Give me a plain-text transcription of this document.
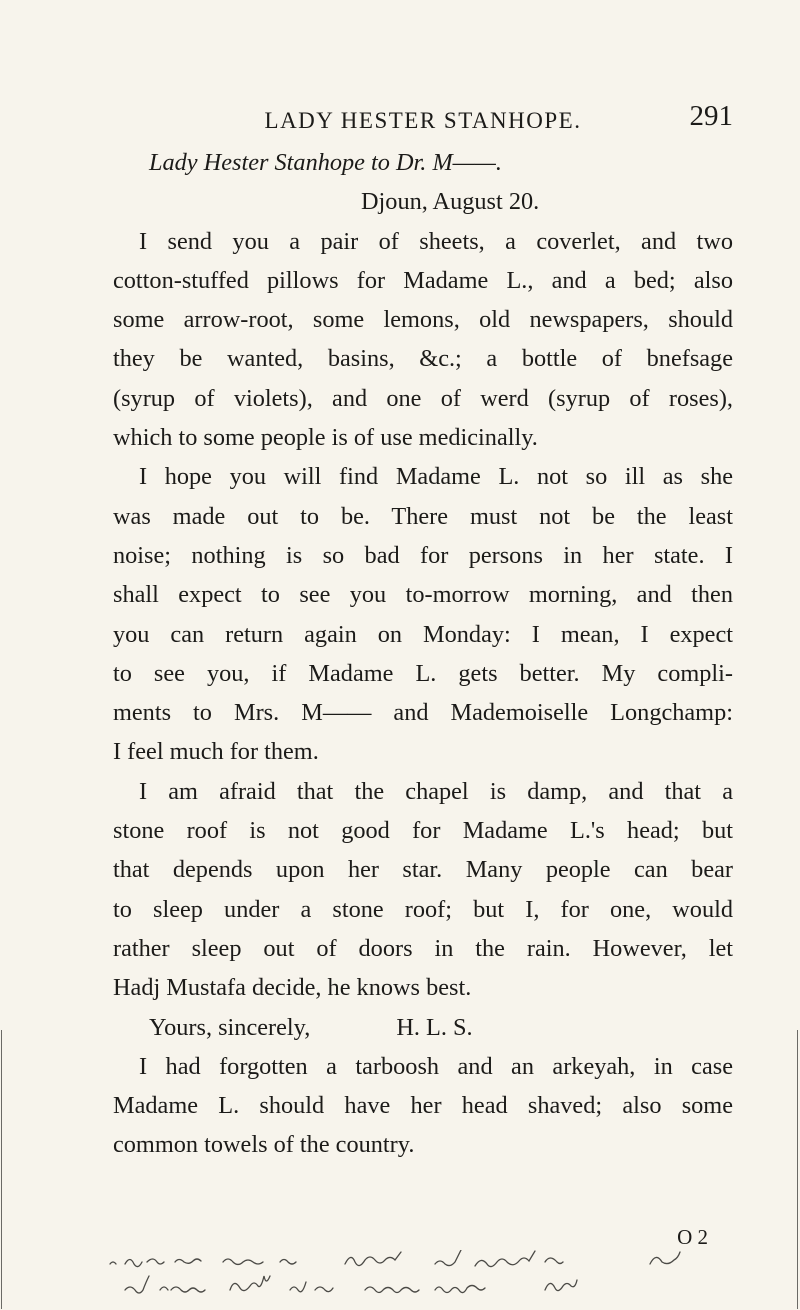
LADY HESTER STANHOPE.	291
Lady Hester Stanhope to Dr. M——.
Djoun, August 20.
I send you a pair of sheets, a coverlet, and two
cotton-stuffed pillows for Madame L., and a bed; also
some arrow-root, some lemons, old newspapers, should
they be wanted, basins, &c.; a bottle of bnefsage
(syrup of violets), and one of werd (syrup of roses),
which to some people is of use medicinally.
I hope you will find Madame L. not so ill as she
was made out to be. There must not be the least
noise; nothing is so bad for persons in her state. I
shall expect to see you to-morrow morning, and then
you can return again on Monday: I mean, I expect
to see you, if Madame L. gets better. My compli-
ments to Mrs. M—— and Mademoiselle Longchamp:
I feel much for them.
I am afraid that the chapel is damp, and that a
stone roof is not good for Madame L.'s head; but
that depends upon her star. Many people can bear
to sleep under a stone roof; but I, for one, would
rather sleep out of doors in the rain. However, let
Hadj Mustafa decide, he knows best.
Yours, sincerely,	H. L. S.
I had forgotten a tarboosh and an arkeyah, in case
Madame L. should have her head shaved; also some
common towels of the country.
O 2
